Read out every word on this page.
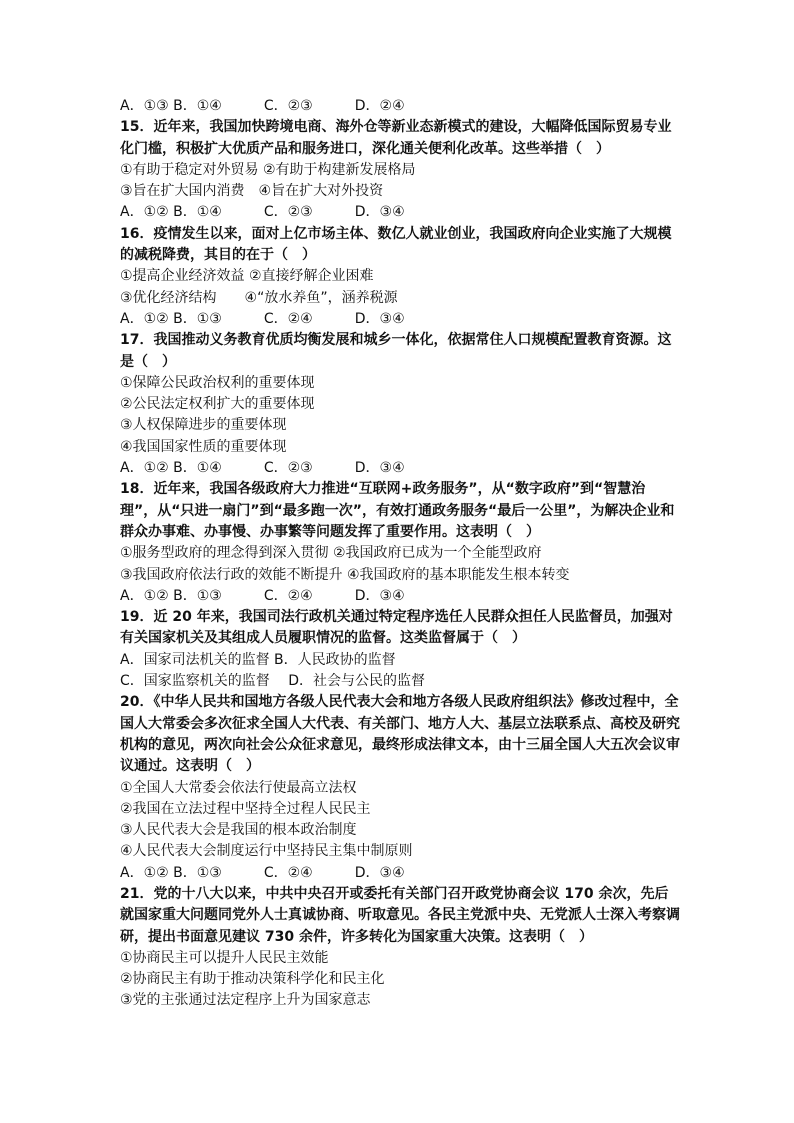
A．①③ B．①④	C．②③	D．②④
15．近年来，我国加快跨境电商、海外仓等新业态新模式的建设，大幅降低国际贸易专业化门槛，积极扩大优质产品和服务进口，深化通关便利化改革。这些举措（　）
①有助于稳定对外贸易 ②有助于构建新发展格局
③旨在扩大国内消费　④旨在扩大对外投资
A．①② B．①④	C．②③	D．③④
16．疫情发生以来，面对上亿市场主体、数亿人就业创业，我国政府向企业实施了大规模的减税降费，其目的在于（　）
①提高企业经济效益 ②直接纾解企业困难
③优化经济结构　　④“放水养鱼”，涵养税源
A．①② B．①③	C．②④	D．③④
17．我国推动义务教育优质均衡发展和城乡一体化，依据常住人口规模配置教育资源。这是（　）
①保障公民政治权利的重要体现
②公民法定权利扩大的重要体现
③人权保障进步的重要体现
④我国国家性质的重要体现
A．①② B．①④	C．②③	D．③④
18．近年来，我国各级政府大力推进“互联网+政务服务”，从“数字政府”到“智慧治理”，从“只进一扇门”到“最多跑一次”，有效打通政务服务“最后一公里”，为解决企业和群众办事难、办事慢、办事繁等问题发挥了重要作用。这表明（　）
①服务型政府的理念得到深入贯彻 ②我国政府已成为一个全能型政府
③我国政府依法行政的效能不断提升 ④我国政府的基本职能发生根本转变
A．①② B．①③	C．②④	D．③④
19．近 20 年来，我国司法行政机关通过特定程序选任人民群众担任人民监督员，加强对有关国家机关及其组成人员履职情况的监督。这类监督属于（　）
A．国家司法机关的监督 B．人民政协的监督
C．国家监察机关的监督　 D．社会与公民的监督
20．《中华人民共和国地方各级人民代表大会和地方各级人民政府组织法》修改过程中，全国人大常委会多次征求全国人大代表、有关部门、地方人大、基层立法联系点、高校及研究机构的意见，两次向社会公众征求意见，最终形成法律文本，由十三届全国人大五次会议审议通过。这表明（　）
①全国人大常委会依法行使最高立法权
②我国在立法过程中坚持全过程人民民主
③人民代表大会是我国的根本政治制度
④人民代表大会制度运行中坚持民主集中制原则
A．①② B．①③	C．②④	D．③④
21．党的十八大以来，中共中央召开或委托有关部门召开政党协商会议 170 余次，先后就国家重大问题同党外人士真诚协商、听取意见。各民主党派中央、无党派人士深入考察调研，提出书面意见建议 730 余件，许多转化为国家重大决策。这表明（　）
①协商民主可以提升人民民主效能
②协商民主有助于推动决策科学化和民主化
③党的主张通过法定程序上升为国家意志
